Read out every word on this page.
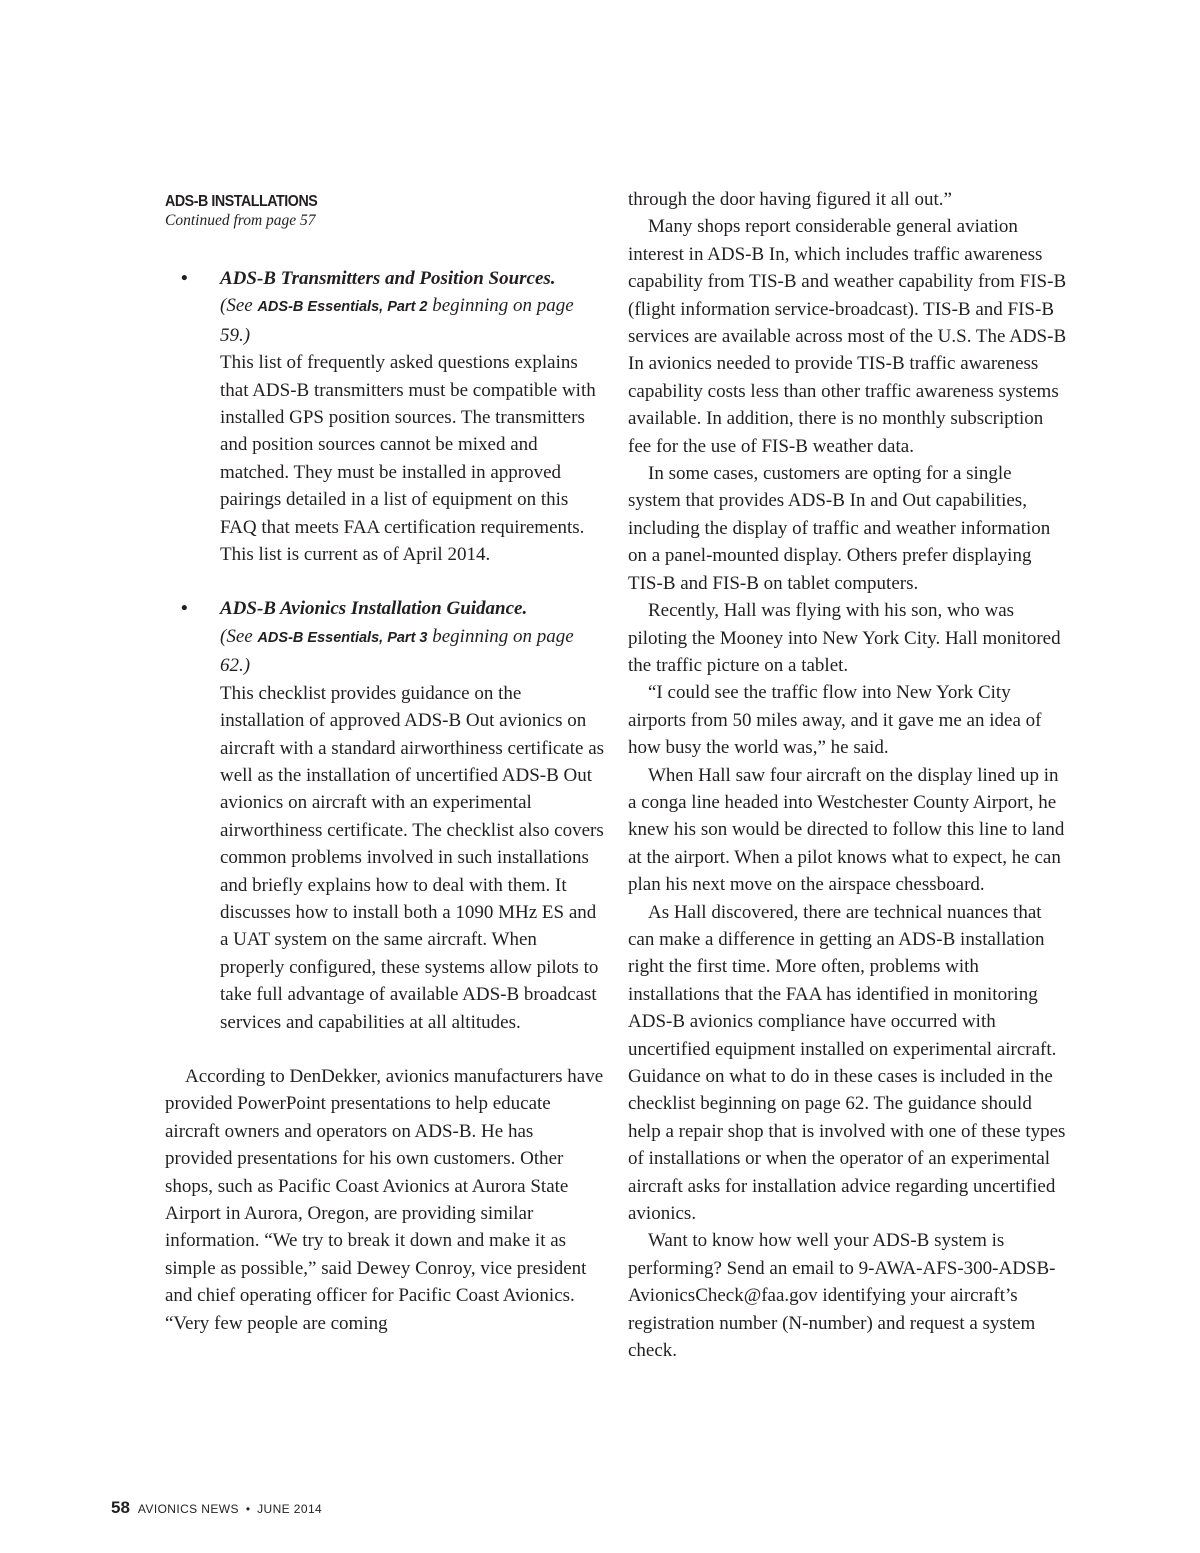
ADS-B INSTALLATIONS
Continued from page 57
• ADS-B Transmitters and Position Sources.
(See ADS-B Essentials, Part 2 beginning on page 59.)
This list of frequently asked questions explains that ADS-B transmitters must be compatible with installed GPS position sources. The transmitters and position sources cannot be mixed and matched. They must be installed in approved pairings detailed in a list of equipment on this FAQ that meets FAA certification requirements. This list is current as of April 2014.
• ADS-B Avionics Installation Guidance.
(See ADS-B Essentials, Part 3 beginning on page 62.)
This checklist provides guidance on the installation of approved ADS-B Out avionics on aircraft with a standard airworthiness certificate as well as the installation of uncertified ADS-B Out avionics on aircraft with an experimental airworthiness certificate. The checklist also covers common problems involved in such installations and briefly explains how to deal with them. It discusses how to install both a 1090 MHz ES and a UAT system on the same aircraft. When properly configured, these systems allow pilots to take full advantage of available ADS-B broadcast services and capabilities at all altitudes.

According to DenDekker, avionics manufacturers have provided PowerPoint presentations to help educate aircraft owners and operators on ADS-B. He has provided presentations for his own customers. Other shops, such as Pacific Coast Avionics at Aurora State Airport in Aurora, Oregon, are providing similar information. “We try to break it down and make it as simple as possible,” said Dewey Conroy, vice president and chief operating officer for Pacific Coast Avionics. “Very few people are coming

through the door having figured it all out.”

Many shops report considerable general aviation interest in ADS-B In, which includes traffic awareness capability from TIS-B and weather capability from FIS-B (flight information service-broadcast). TIS-B and FIS-B services are available across most of the U.S. The ADS-B In avionics needed to provide TIS-B traffic awareness capability costs less than other traffic awareness systems available. In addition, there is no monthly subscription fee for the use of FIS-B weather data.

In some cases, customers are opting for a single system that provides ADS-B In and Out capabilities, including the display of traffic and weather information on a panel-mounted display. Others prefer displaying TIS-B and FIS-B on tablet computers.

Recently, Hall was flying with his son, who was piloting the Mooney into New York City. Hall monitored the traffic picture on a tablet.

“I could see the traffic flow into New York City airports from 50 miles away, and it gave me an idea of how busy the world was,” he said.

When Hall saw four aircraft on the display lined up in a conga line headed into Westchester County Airport, he knew his son would be directed to follow this line to land at the airport. When a pilot knows what to expect, he can plan his next move on the airspace chessboard.

As Hall discovered, there are technical nuances that can make a difference in getting an ADS-B installation right the first time. More often, problems with installations that the FAA has identified in monitoring ADS-B avionics compliance have occurred with uncertified equipment installed on experimental aircraft. Guidance on what to do in these cases is included in the checklist beginning on page 62. The guidance should help a repair shop that is involved with one of these types of installations or when the operator of an experimental aircraft asks for installation advice regarding uncertified avionics.

Want to know how well your ADS-B system is performing? Send an email to 9-AWA-AFS-300-ADSB-AvionicsCheck@faa.gov identifying your aircraft’s registration number (N-number) and request a system check.

58 AVIONICS NEWS • JUNE 2014
